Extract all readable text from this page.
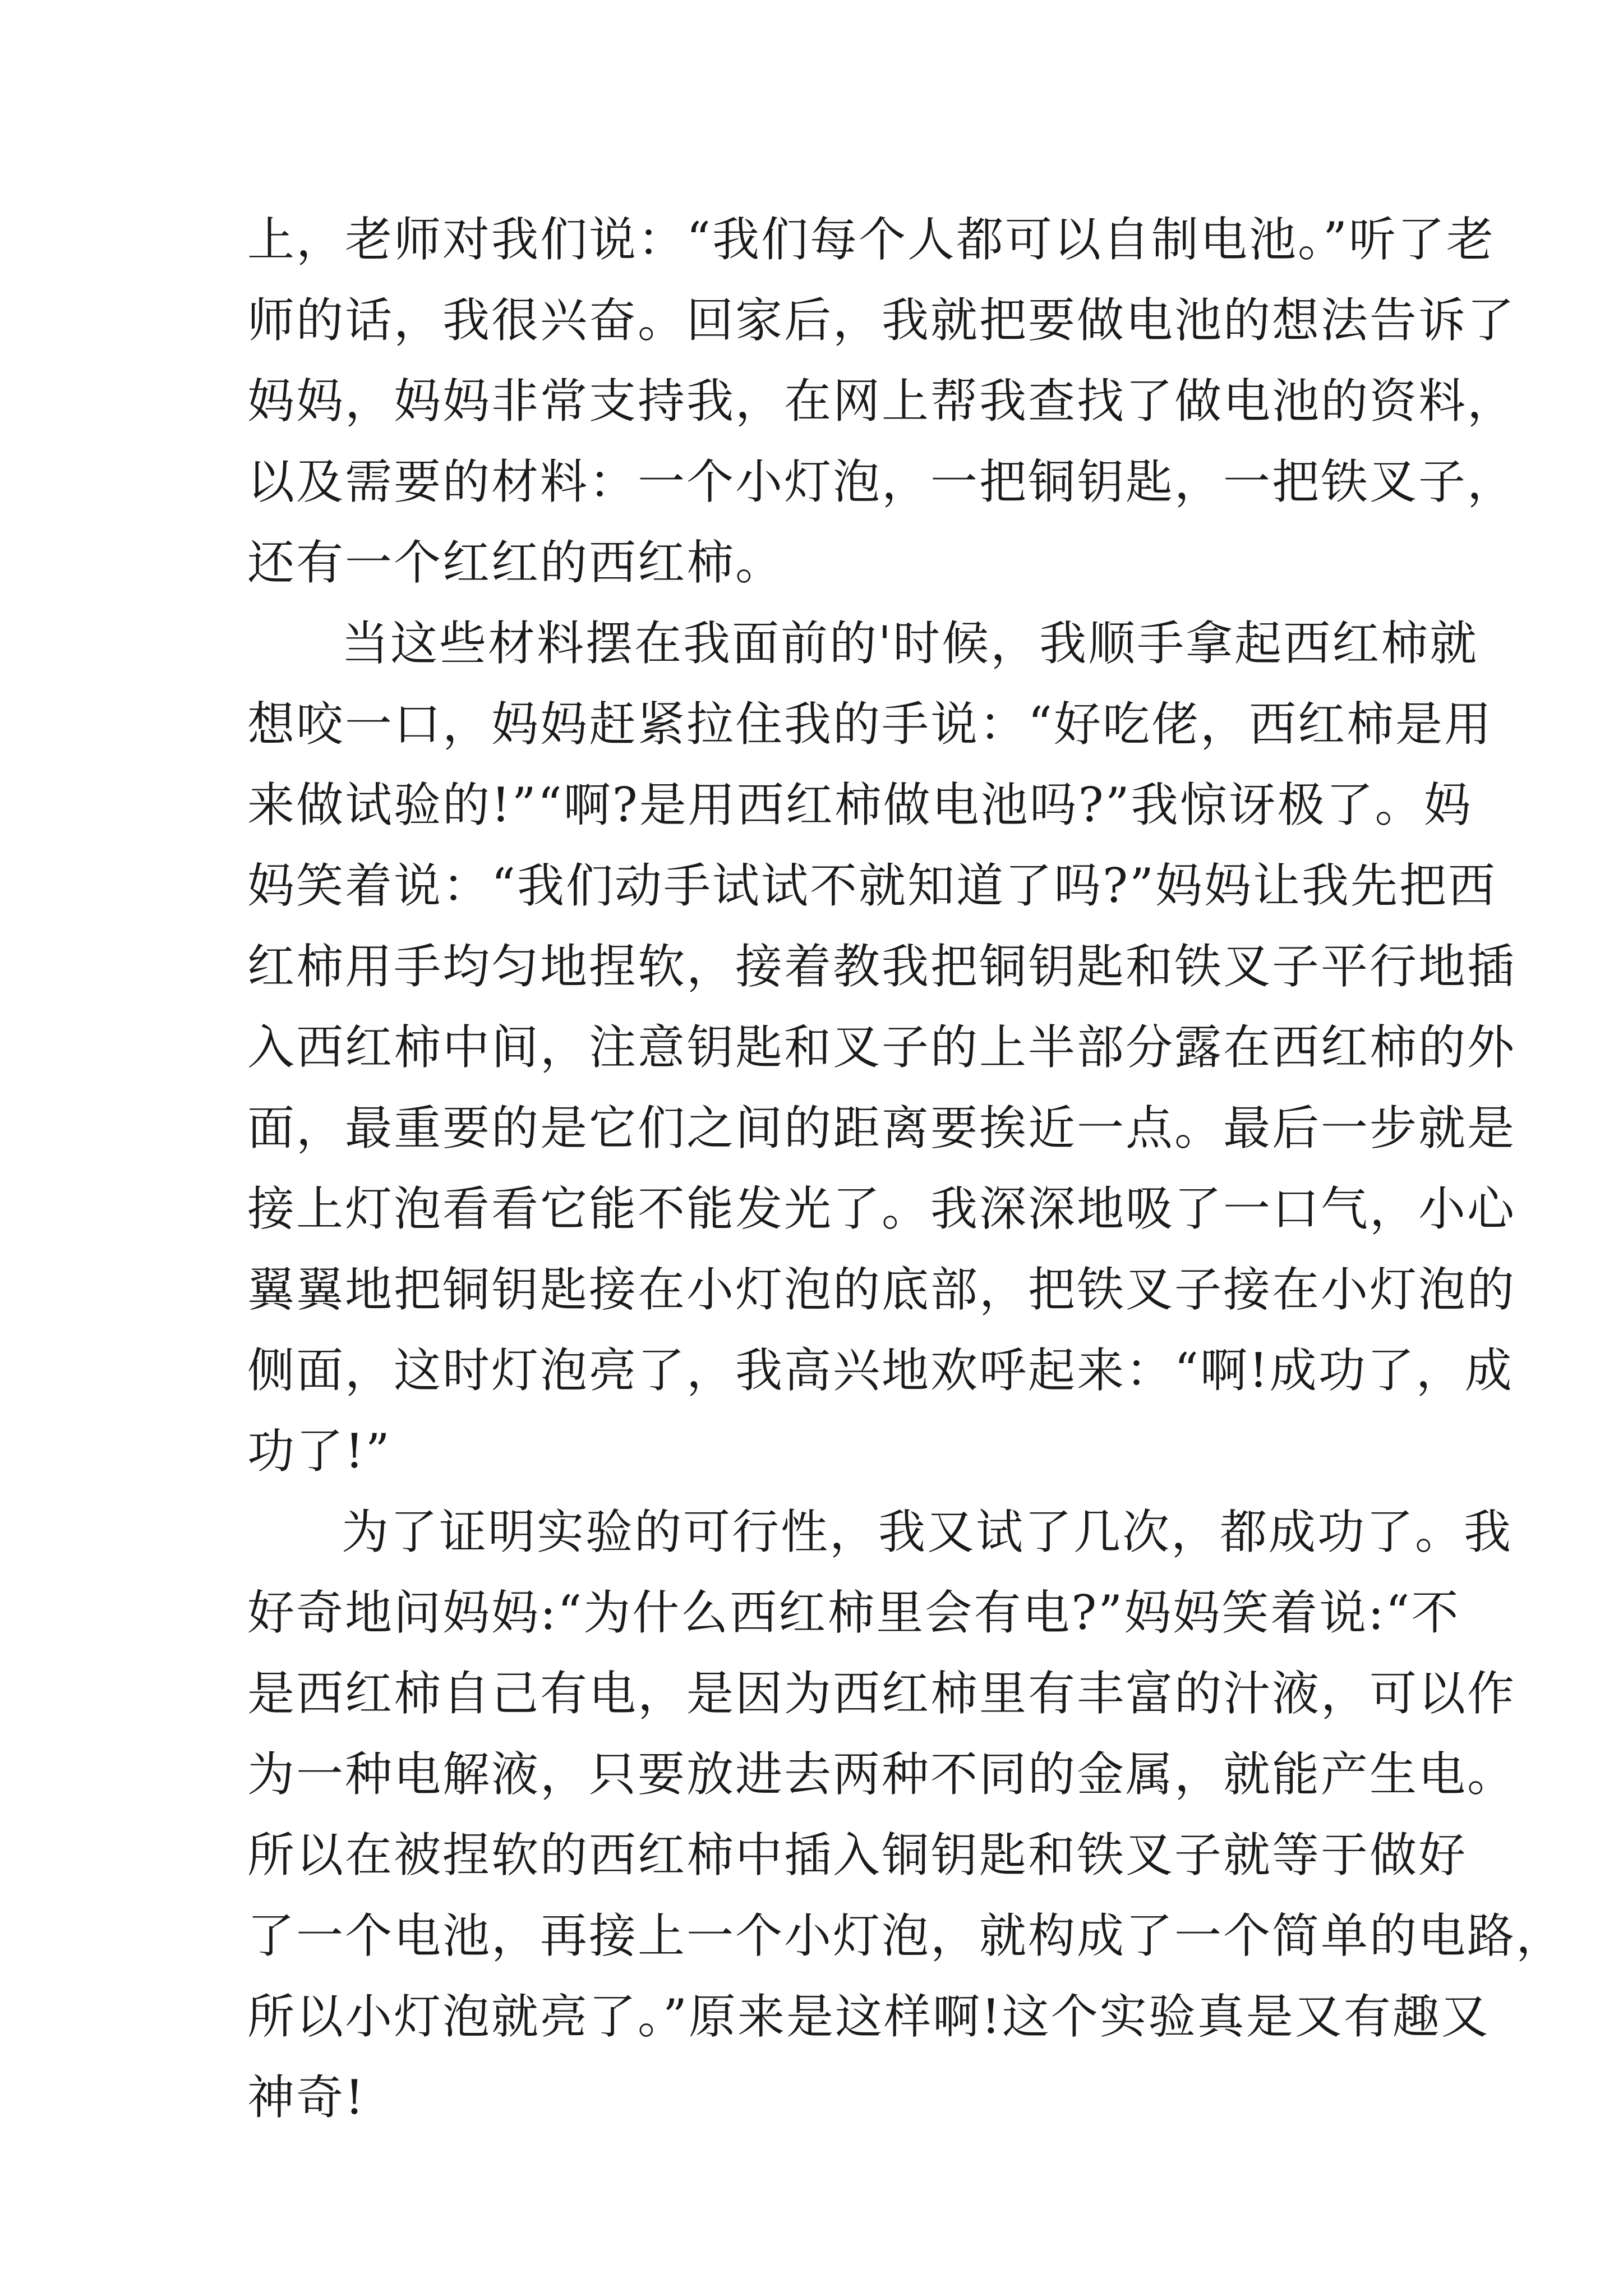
上，老师对我们说：“我们每个人都可以自制电池。”听了老
师的话，我很兴奋。回家后，我就把要做电池的想法告诉了
妈妈，妈妈非常支持我，在网上帮我查找了做电池的资料，
以及需要的材料：一个小灯泡，一把铜钥匙，一把铁叉子，
还有一个红红的西红柿。

当这些材料摆在我面前的'时候，我顺手拿起西红柿就
想咬一口，妈妈赶紧拉住我的手说：“好吃佬，西红柿是用
来做试验的!”“啊?是用西红柿做电池吗?”我惊讶极了。妈
妈笑着说：“我们动手试试不就知道了吗?”妈妈让我先把西
红柿用手均匀地捏软，接着教我把铜钥匙和铁叉子平行地插
入西红柿中间，注意钥匙和叉子的上半部分露在西红柿的外
面，最重要的是它们之间的距离要挨近一点。最后一步就是
接上灯泡看看它能不能发光了。我深深地吸了一口气，小心
翼翼地把铜钥匙接在小灯泡的底部，把铁叉子接在小灯泡的
侧面，这时灯泡亮了，我高兴地欢呼起来：“啊!成功了，成
功了!”

为了证明实验的可行性，我又试了几次，都成功了。我
好奇地问妈妈:“为什么西红柿里会有电?”妈妈笑着说:“不
是西红柿自己有电，是因为西红柿里有丰富的汁液，可以作
为一种电解液，只要放进去两种不同的金属，就能产生电。
所以在被捏软的西红柿中插入铜钥匙和铁叉子就等于做好
了一个电池，再接上一个小灯泡，就构成了一个简单的电路，
所以小灯泡就亮了。”原来是这样啊!这个实验真是又有趣又
神奇!
